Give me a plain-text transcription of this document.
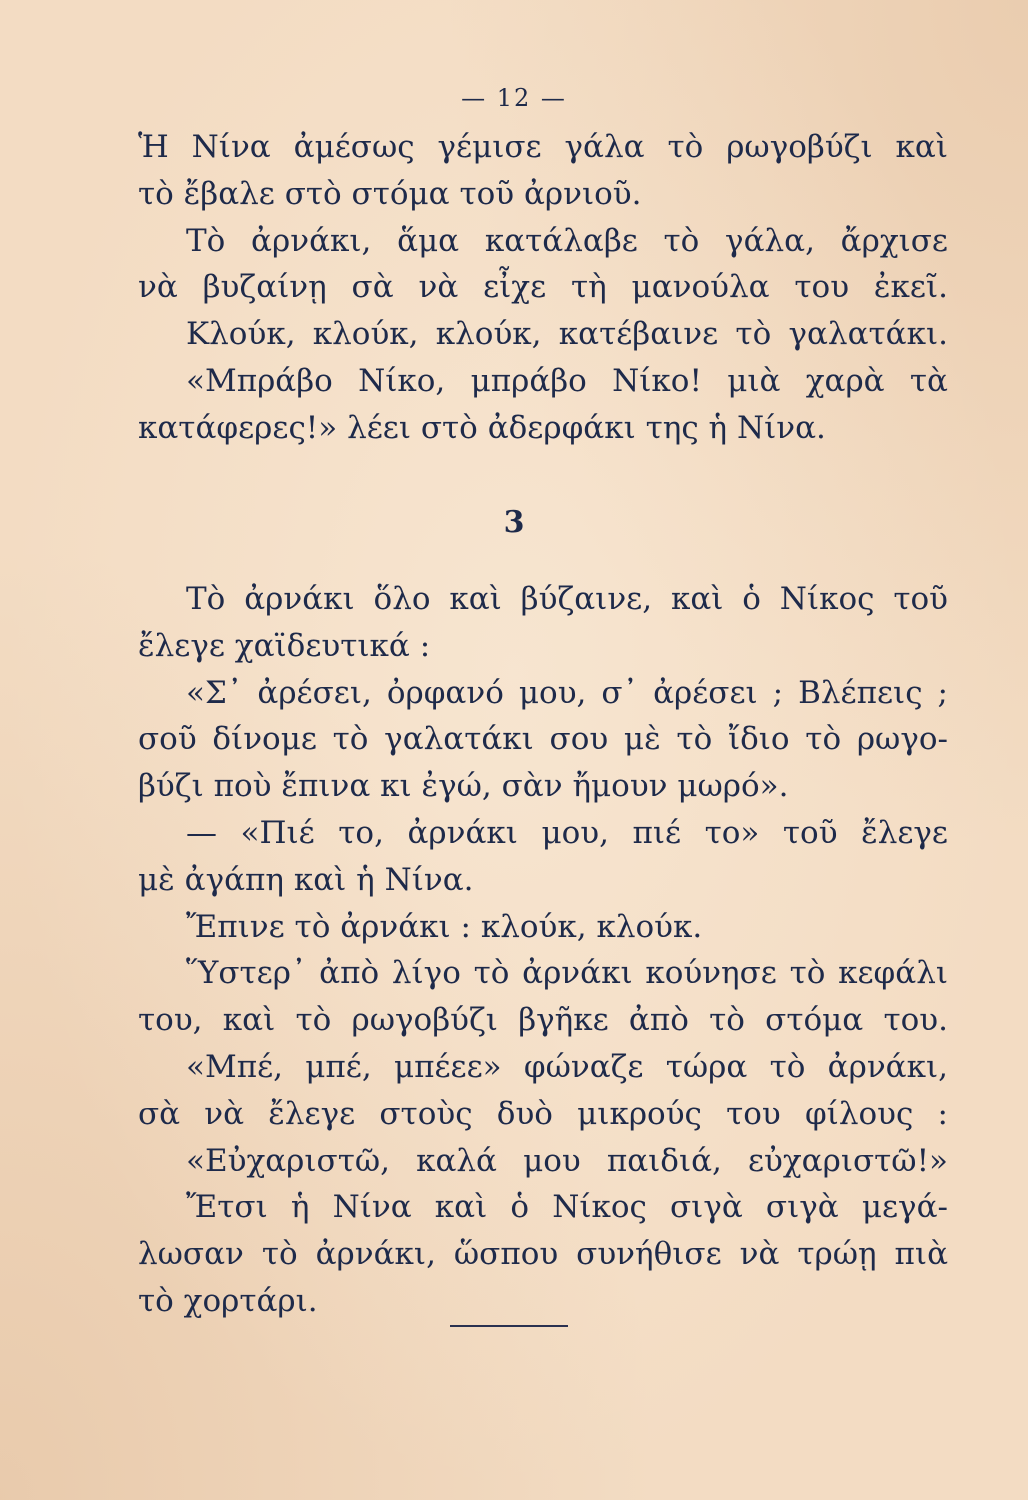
— 12 —
Ἡ Νίνα ἀμέσως γέμισε γάλα τὸ ρωγοβύζι καὶ
τὸ ἔβαλε στὸ στόμα τοῦ ἀρνιοῦ.
Τὸ ἀρνάκι, ἅμα κατάλαβε τὸ γάλα, ἄρχισε
νὰ βυζαίνῃ σὰ νὰ εἶχε τὴ μανούλα του ἐκεῖ.
Κλούκ, κλούκ, κλούκ, κατέβαινε τὸ γαλατάκι.
«Μπράβο Νίκο, μπράβο Νίκο! μιὰ χαρὰ τὰ
κατάφερες!» λέει στὸ ἀδερφάκι της ἡ Νίνα.
3
Τὸ ἀρνάκι ὅλο καὶ βύζαινε, καὶ ὁ Νίκος τοῦ
ἔλεγε χαϊδευτικά :
«Σ᾽ ἀρέσει, ὀρφανό μου, σ᾽ ἀρέσει ; Βλέπεις ;
σοῦ δίνομε τὸ γαλατάκι σου μὲ τὸ ἴδιο τὸ ρωγο-
βύζι ποὺ ἔπινα κι ἐγώ, σὰν ἤμουν μωρό».
— «Πιέ το, ἀρνάκι μου, πιέ το» τοῦ ἔλεγε
μὲ ἀγάπη καὶ ἡ Νίνα.
Ἔπινε τὸ ἀρνάκι : κλούκ, κλούκ.
Ὕστερ᾽ ἀπὸ λίγο τὸ ἀρνάκι κούνησε τὸ κεφάλι
του, καὶ τὸ ρωγοβύζι βγῆκε ἀπὸ τὸ στόμα του.
«Μπέ, μπέ, μπέεε» φώναζε τώρα τὸ ἀρνάκι,
σὰ νὰ ἔλεγε στοὺς δυὸ μικρούς του φίλους :
«Εὐχαριστῶ, καλά μου παιδιά, εὐχαριστῶ!»
Ἔτσι ἡ Νίνα καὶ ὁ Νίκος σιγὰ σιγὰ μεγά-
λωσαν τὸ ἀρνάκι, ὥσπου συνήθισε νὰ τρώῃ πιὰ
τὸ χορτάρι.
